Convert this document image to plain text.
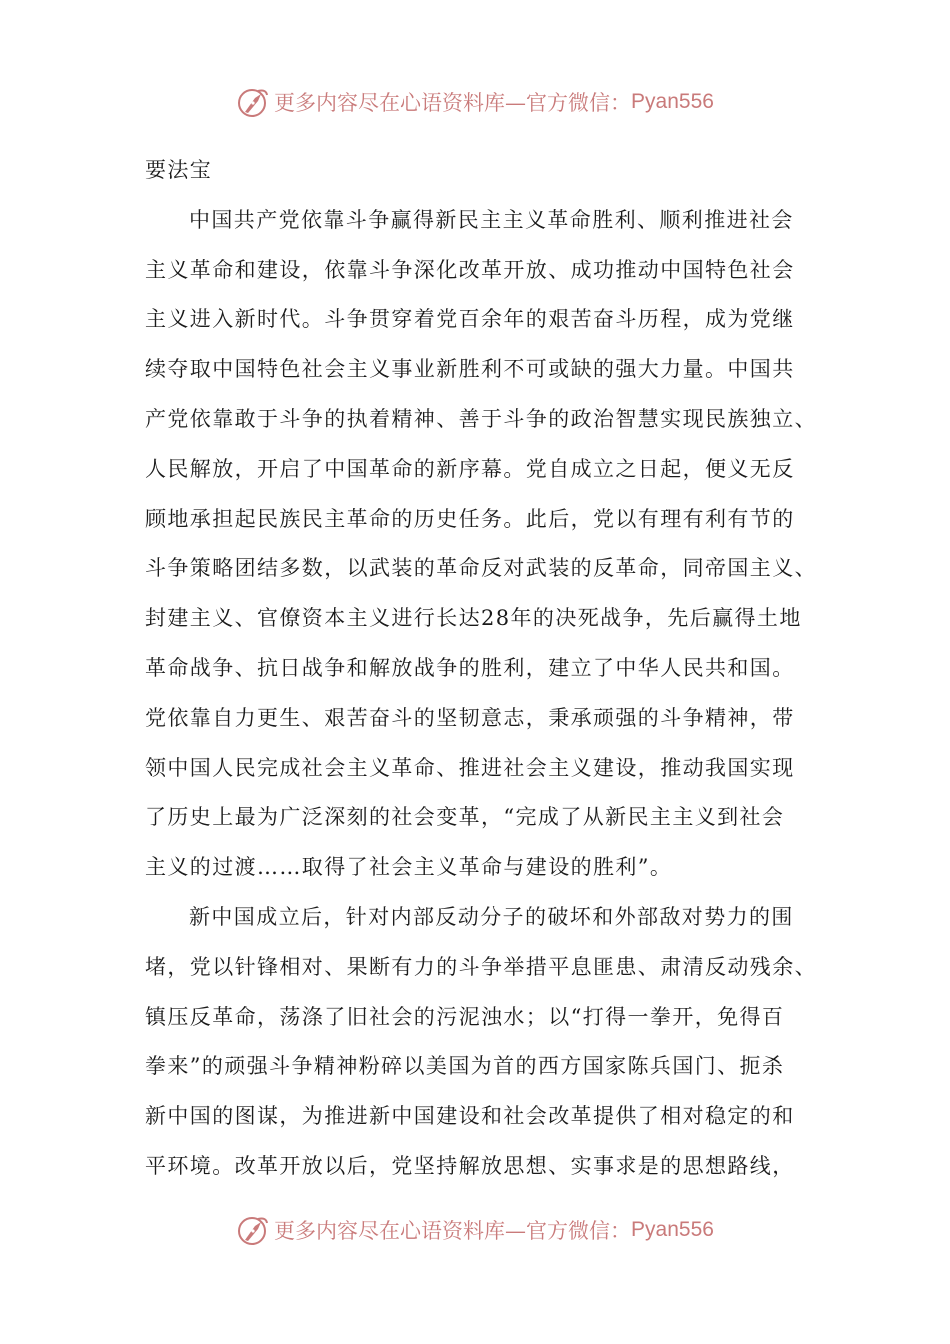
更多内容尽在心语资料库—官方微信： Pyan556
要法宝
中国共产党依靠斗争赢得新民主主义革命胜利、顺利推进社会
主义革命和建设，依靠斗争深化改革开放、成功推动中国特色社会
主义进入新时代。斗争贯穿着党百余年的艰苦奋斗历程，成为党继
续夺取中国特色社会主义事业新胜利不可或缺的强大力量。中国共
产党依靠敢于斗争的执着精神、善于斗争的政治智慧实现民族独立、
人民解放，开启了中国革命的新序幕。党自成立之日起，便义无反
顾地承担起民族民主革命的历史任务。此后，党以有理有利有节的
斗争策略团结多数，以武装的革命反对武装的反革命，同帝国主义、
封建主义、官僚资本主义进行长达28年的决死战争，先后赢得土地
革命战争、抗日战争和解放战争的胜利，建立了中华人民共和国。
党依靠自力更生、艰苦奋斗的坚韧意志，秉承顽强的斗争精神，带
领中国人民完成社会主义革命、推进社会主义建设，推动我国实现
了历史上最为广泛深刻的社会变革，“完成了从新民主主义到社会
主义的过渡……取得了社会主义革命与建设的胜利”。
新中国成立后，针对内部反动分子的破坏和外部敌对势力的围
堵，党以针锋相对、果断有力的斗争举措平息匪患、肃清反动残余、
镇压反革命，荡涤了旧社会的污泥浊水；以“打得一拳开，免得百
拳来”的顽强斗争精神粉碎以美国为首的西方国家陈兵国门、扼杀
新中国的图谋，为推进新中国建设和社会改革提供了相对稳定的和
平环境。改革开放以后，党坚持解放思想、实事求是的思想路线，
更多内容尽在心语资料库—官方微信： Pyan556
